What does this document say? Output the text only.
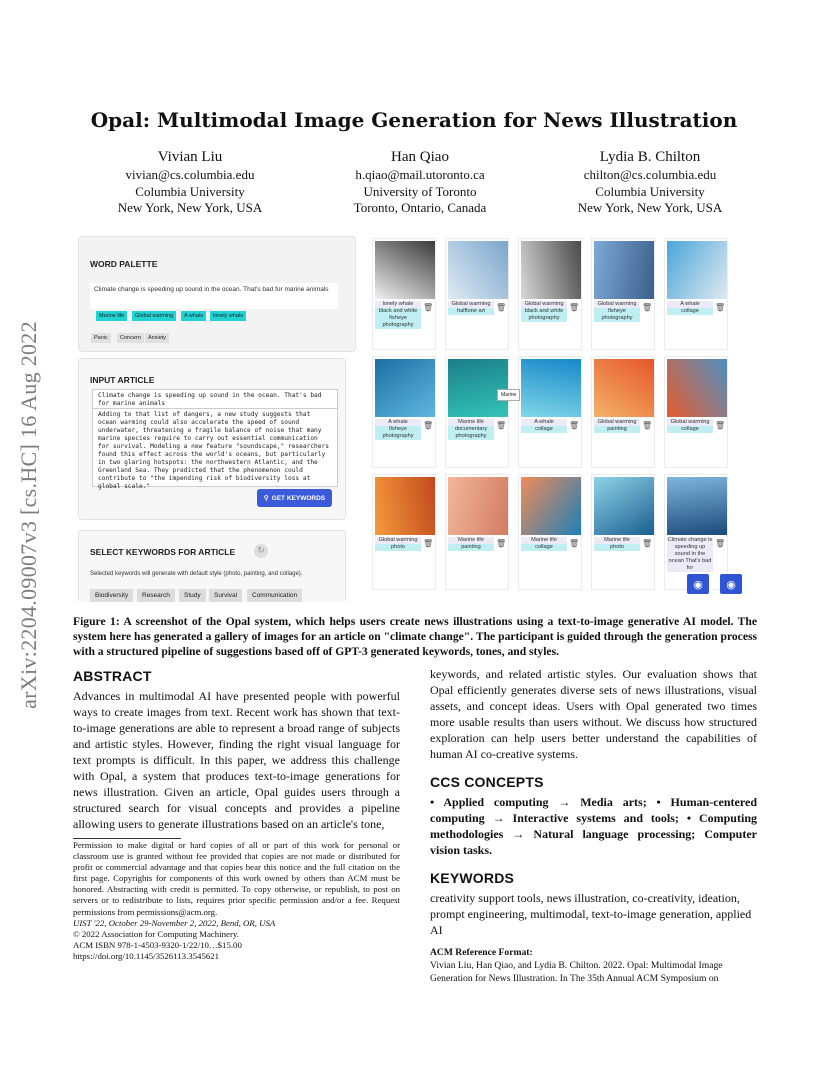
arXiv:2204.09007v3 [cs.HC] 16 Aug 2022
Opal: Multimodal Image Generation for News Illustration
Vivian Liu
vivian@cs.columbia.edu
Columbia University
New York, New York, USA
Han Qiao
h.qiao@mail.utoronto.ca
University of Toronto
Toronto, Ontario, Canada
Lydia B. Chilton
chilton@cs.columbia.edu
Columbia University
New York, New York, USA
WORD PALETTE
Climate change is speeding up sound in the ocean. That's bad for marine animals
Marine life	Global warming	A whale	lonely whale
Panic	Concern	Anxiety
INPUT ARTICLE
Climate change is speeding up sound in the ocean. That's bad for marine animals
Adding to that list of dangers, a new study suggests that ocean warming could also accelerate the speed of sound underwater, threatening a fragile balance of noise that many marine species require to carry out essential communication for survival. Modeling a new feature "soundscape," researchers found this effect across the world's oceans, but particularly in two glaring hotspots: the northwestern Atlantic, and the Greenland Sea. They predicted that the phenomenon could contribute to "the impending risk of biodiversity loss at global scale."
⚲ GET KEYWORDS
SELECT KEYWORDS FOR ARTICLE	↻
Selected keywords will generate with default style (photo, painting, and collage).
Biodiversity	Research	Study	Survival	Communication
lonely whale
black and white fisheye photography
🗑	Global warming
halftone art	🗑	Global warming
black and white photography
🗑	Global warming
fisheye photography
🗑	A whale
collage	🗑
A whale
fisheye photography
🗑	Marine life
documentary photography
🗑	A whale
collage	🗑	Global warming
painting	🗑	Global warming
collage	🗑
Global warming
photo	🗑	Marine life
painting	🗑	Marine life
collage	🗑	Marine life
photo	🗑	Climate change is speeding up sound in the ocean That's bad for
🗑
Marine
◉	◉
Figure 1: A screenshot of the Opal system, which helps users create news illustrations using a text-to-image generative AI model. The system here has generated a gallery of images for an article on "climate change". The participant is guided through the generation process with a structured pipeline of suggestions based off of GPT-3 generated keywords, tones, and styles.
ABSTRACT

Advances in multimodal AI have presented people with powerful ways to create images from text. Recent work has shown that text-to-image generations are able to represent a broad range of subjects and artistic styles. However, finding the right visual language for text prompts is difficult. In this paper, we address this challenge with Opal, a system that produces text-to-image generations for news illustration. Given an article, Opal guides users through a structured search for visual concepts and provides a pipeline allowing users to generate illustrations based on an article's tone,

Permission to make digital or hard copies of all or part of this work for personal or classroom use is granted without fee provided that copies are not made or distributed for profit or commercial advantage and that copies bear this notice and the full citation on the first page. Copyrights for components of this work owned by others than ACM must be honored. Abstracting with credit is permitted. To copy otherwise, or republish, to post on servers or to redistribute to lists, requires prior specific permission and/or a fee. Request permissions from permissions@acm.org.
UIST '22, October 29-November 2, 2022, Bend, OR, USA
© 2022 Association for Computing Machinery.
ACM ISBN 978-1-4503-9320-1/22/10…$15.00
https://doi.org/10.1145/3526113.3545621

keywords, and related artistic styles. Our evaluation shows that Opal efficiently generates diverse sets of news illustrations, visual assets, and concept ideas. Users with Opal generated two times more usable results than users without. We discuss how structured exploration can help users better understand the capabilities of human AI co-creative systems.

CCS CONCEPTS

• Applied computing → Media arts; • Human-centered computing → Interactive systems and tools; • Computing methodologies → Natural language processing; Computer vision tasks.

KEYWORDS

creativity support tools, news illustration, co-creativity, ideation, prompt engineering, multimodal, text-to-image generation, applied AI

ACM Reference Format:
Vivian Liu, Han Qiao, and Lydia B. Chilton. 2022. Opal: Multimodal Image Generation for News Illustration. In The 35th Annual ACM Symposium on
